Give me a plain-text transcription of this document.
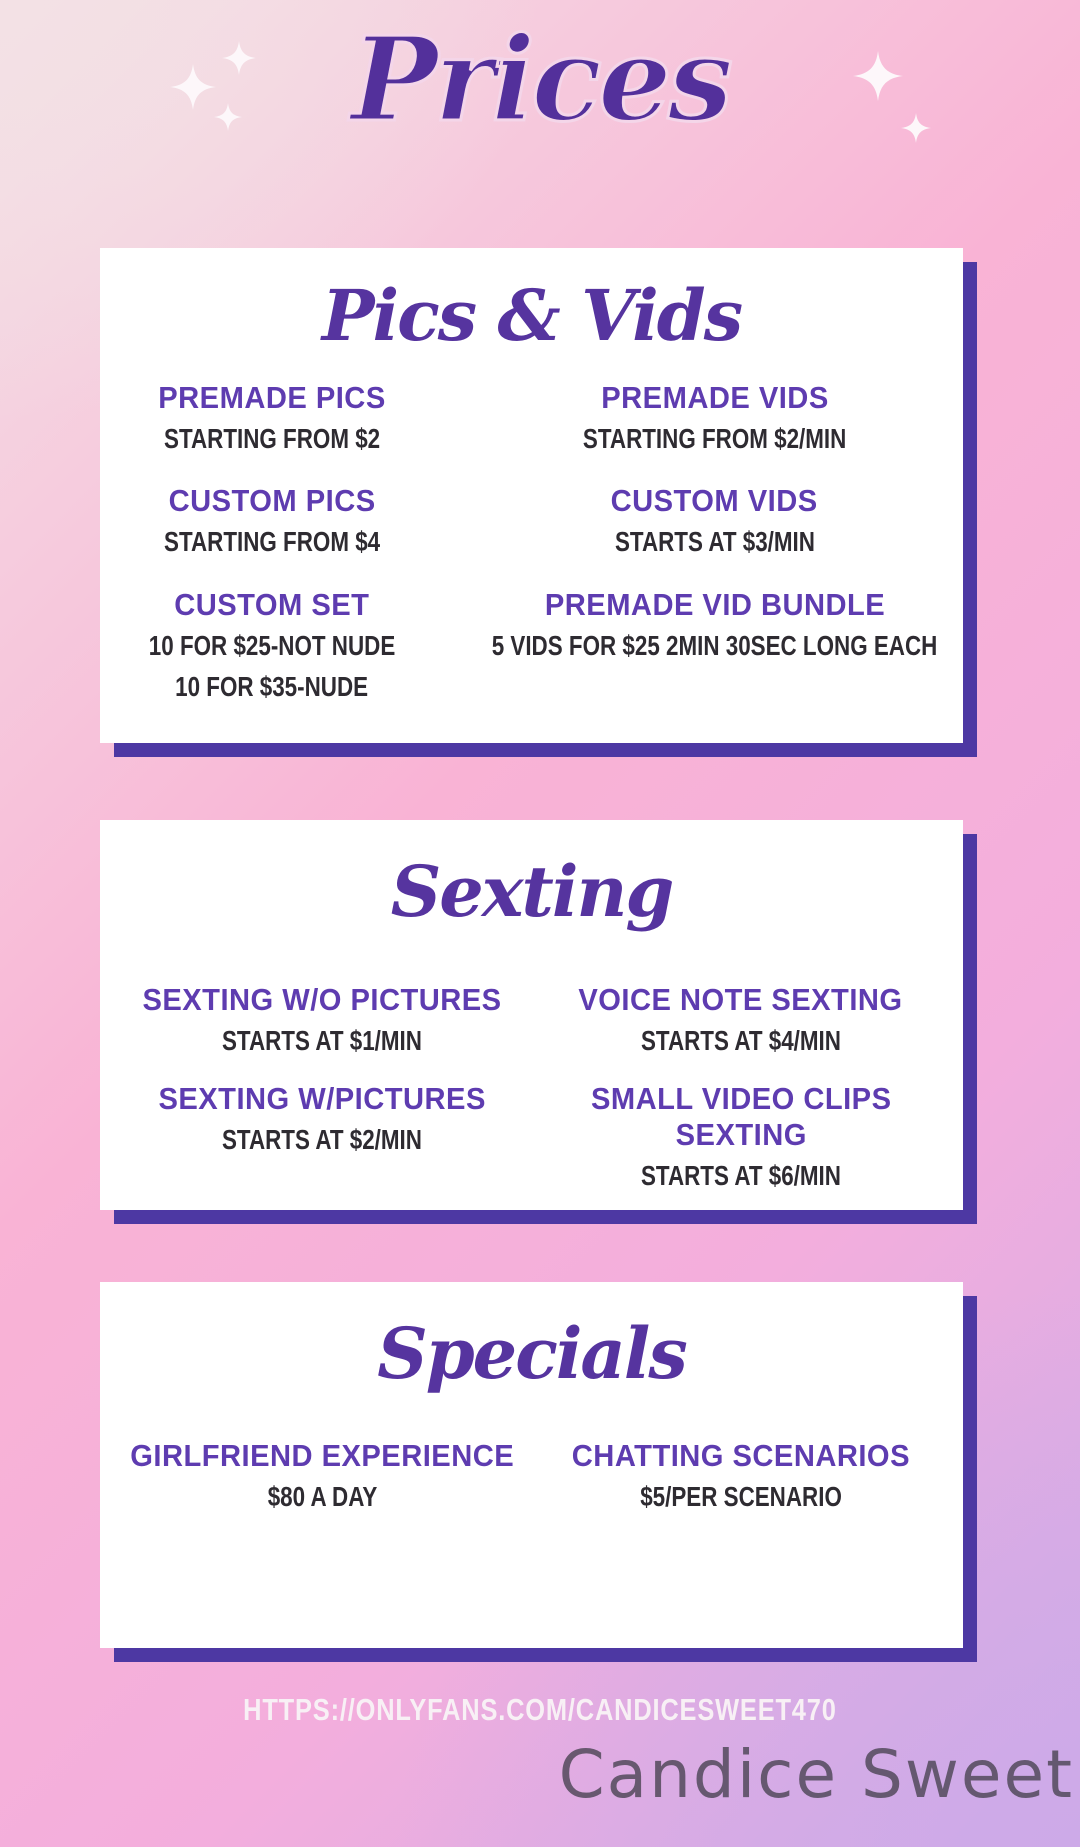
Prices
Pics & Vids
PREMADE PICS
STARTING FROM $2
PREMADE VIDS
STARTING FROM $2/MIN
CUSTOM PICS
STARTING FROM $4
CUSTOM VIDS
STARTS AT $3/MIN
CUSTOM SET
10 FOR $25-NOT NUDE
10 FOR $35-NUDE
PREMADE VID BUNDLE
5 VIDS FOR $25 2MIN 30SEC LONG EACH
Sexting
SEXTING W/O PICTURES
STARTS AT $1/MIN
VOICE NOTE SEXTING
STARTS AT $4/MIN
SEXTING W/PICTURES
STARTS AT $2/MIN
SMALL VIDEO CLIPS SEXTING
STARTS AT $6/MIN
Specials
GIRLFRIEND EXPERIENCE
$80 A DAY
CHATTING SCENARIOS
$5/PER SCENARIO
HTTPS://ONLYFANS.COM/CANDICESWEET470
Candice Sweet
